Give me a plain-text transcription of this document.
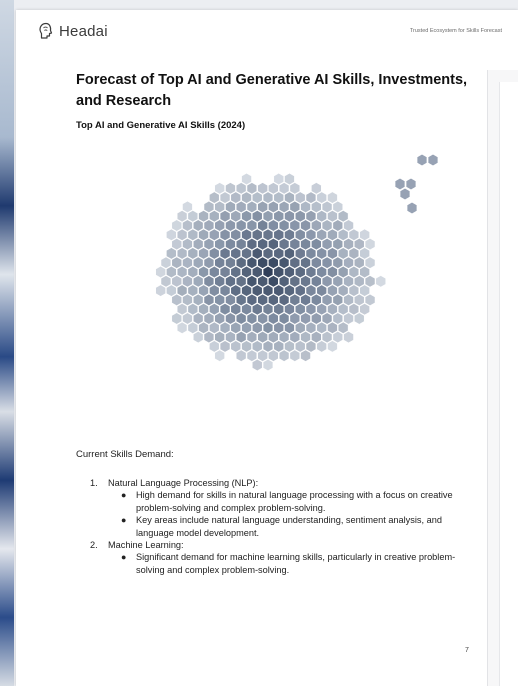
Headai	Trusted Ecosystem for Skills Forecast
Forecast of Top AI and Generative AI Skills, Investments, and Research
Top AI and Generative AI Skills (2024)
Current Skills Demand:
1. Natural Language Processing (NLP):
● High demand for skills in natural language processing with a focus on creative problem-solving and complex problem-solving.
● Key areas include natural language understanding, sentiment analysis, and language model development.
2. Machine Learning:
● Significant demand for machine learning skills, particularly in creative problem-solving and complex problem-solving.
7
